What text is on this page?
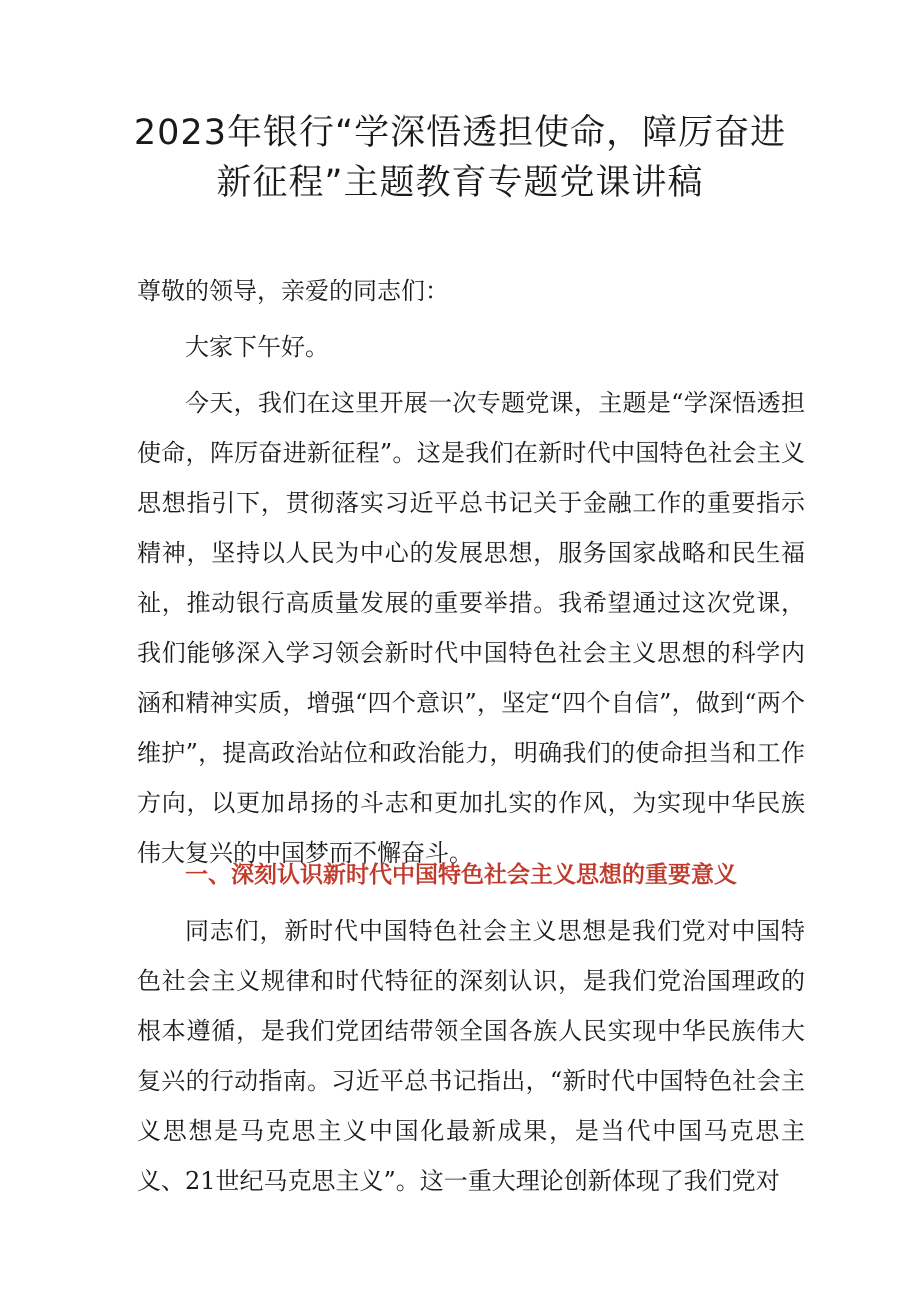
2023年银行“学深悟透担使命，障厉奋进
新征程”主题教育专题党课讲稿

尊敬的领导，亲爱的同志们：

大家下午好。

今天，我们在这里开展一次专题党课，主题是“学深悟透担使命，阵厉奋进新征程”。这是我们在新时代中国特色社会主义思想指引下，贯彻落实习近平总书记关于金融工作的重要指示精神，坚持以人民为中心的发展思想，服务国家战略和民生福祉，推动银行高质量发展的重要举措。我希望通过这次党课，我们能够深入学习领会新时代中国特色社会主义思想的科学内涵和精神实质，增强“四个意识”，坚定“四个自信”，做到“两个维护”，提高政治站位和政治能力，明确我们的使命担当和工作方向，以更加昂扬的斗志和更加扎实的作风，为实现中华民族伟大复兴的中国梦而不懈奋斗。

一、深刻认识新时代中国特色社会主义思想的重要意义

同志们，新时代中国特色社会主义思想是我们党对中国特色社会主义规律和时代特征的深刻认识，是我们党治国理政的根本遵循，是我们党团结带领全国各族人民实现中华民族伟大复兴的行动指南。习近平总书记指出，“新时代中国特色社会主义思想是马克思主义中国化最新成果，是当代中国马克思主义、21世纪马克思主义”。这一重大理论创新体现了我们党对
